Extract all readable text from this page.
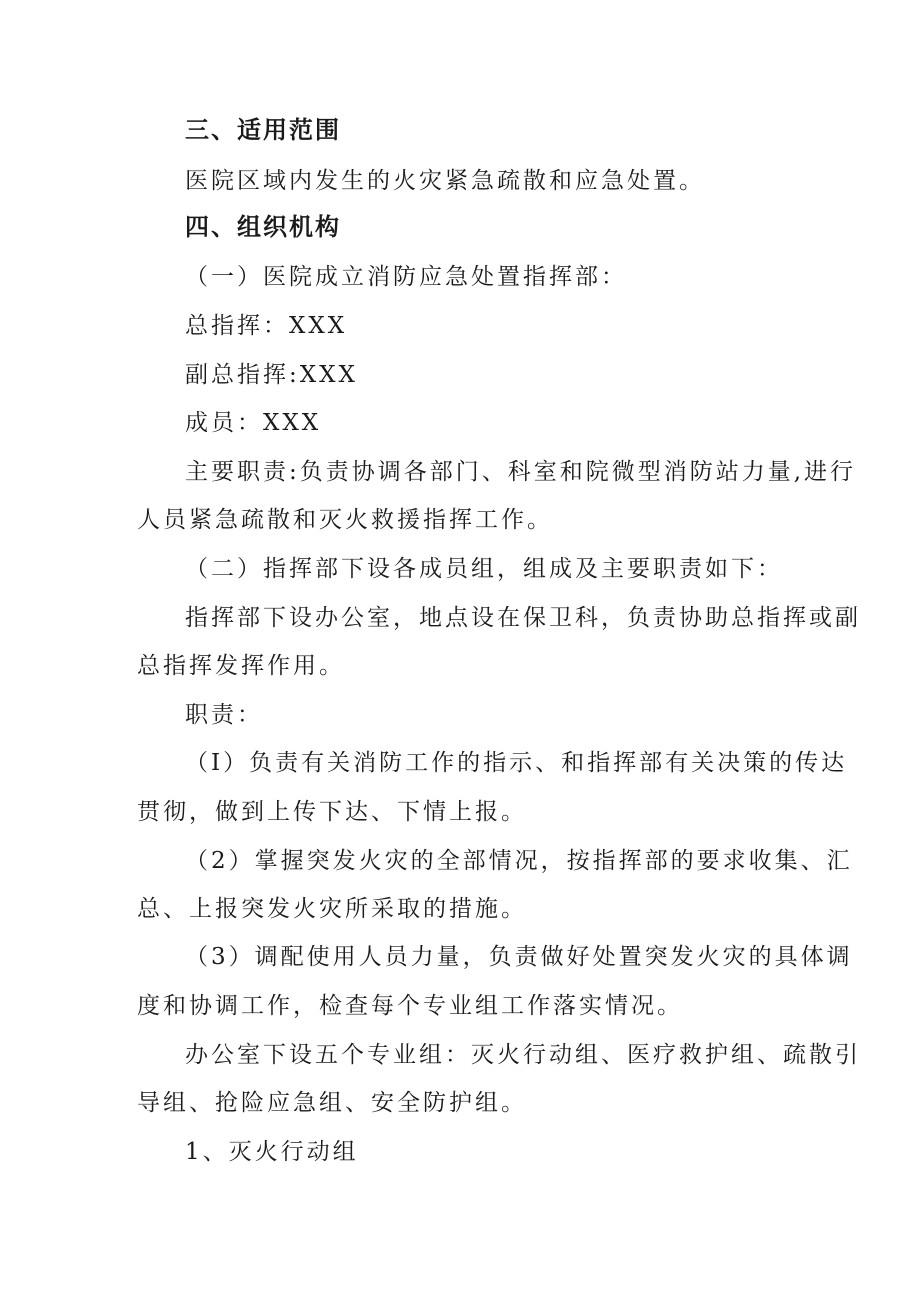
三、适用范围
医院区域内发生的火灾紧急疏散和应急处置。
四、组织机构
（一）医院成立消防应急处置指挥部：
总指挥：XXX
副总指挥:XXX
成员：XXX
主要职责:负责协调各部门、科室和院微型消防站力量,进行
人员紧急疏散和灭火救援指挥工作。
（二）指挥部下设各成员组，组成及主要职责如下：
指挥部下设办公室，地点设在保卫科，负责协助总指挥或副
总指挥发挥作用。
职责：
（I）负责有关消防工作的指示、和指挥部有关决策的传达
贯彻，做到上传下达、下情上报。
（2）掌握突发火灾的全部情况，按指挥部的要求收集、汇
总、上报突发火灾所采取的措施。
（3）调配使用人员力量，负责做好处置突发火灾的具体调
度和协调工作，检查每个专业组工作落实情况。
办公室下设五个专业组：灭火行动组、医疗救护组、疏散引
导组、抢险应急组、安全防护组。
1、灭火行动组
